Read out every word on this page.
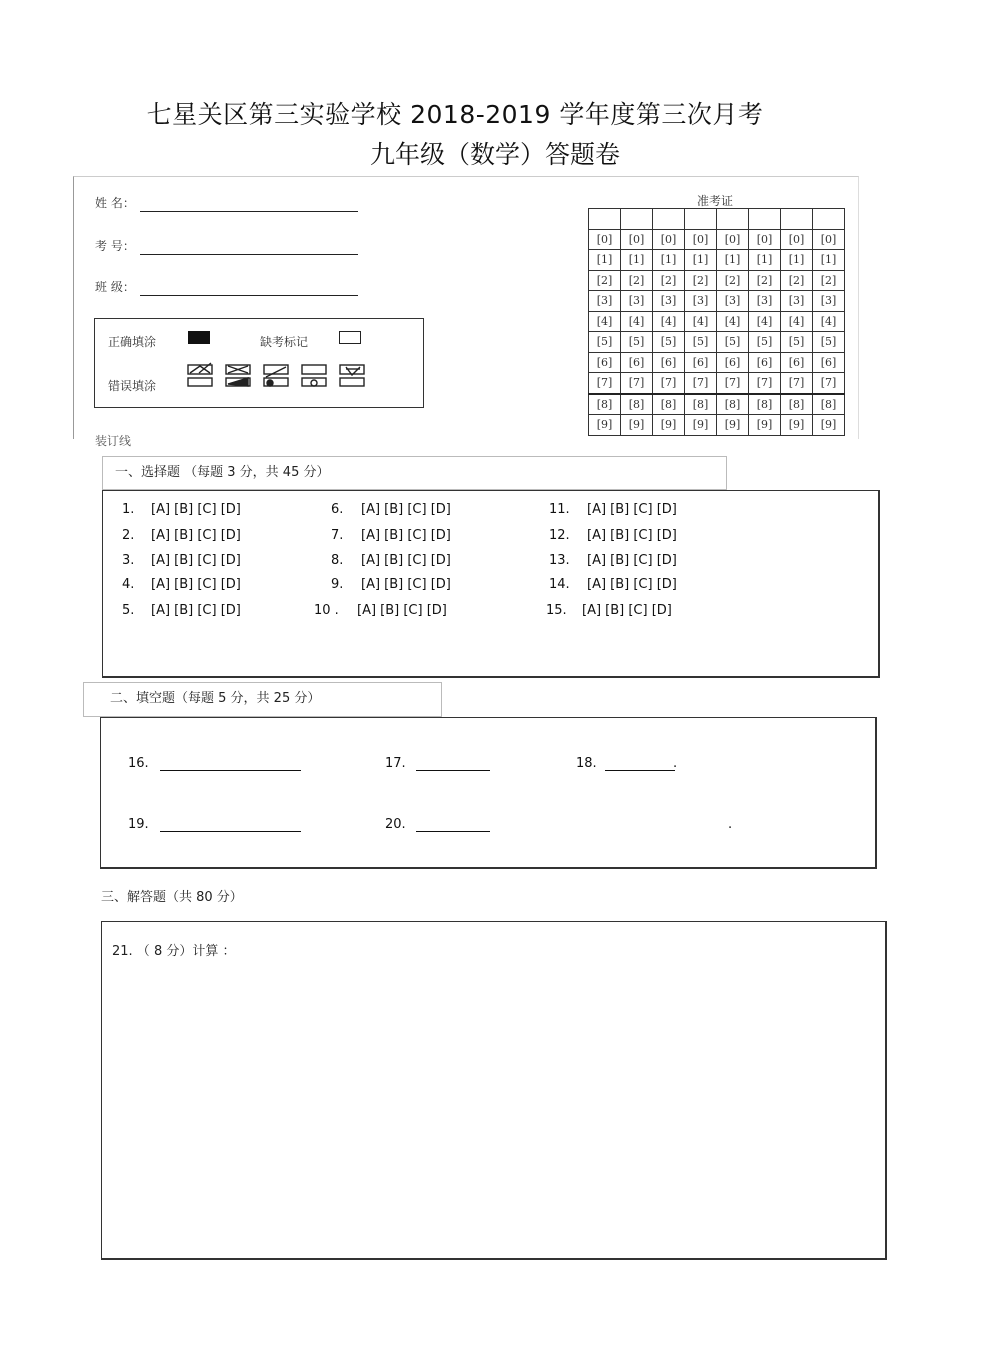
七星关区第三实验学校 2018-2019 学年度第三次月考
九年级（数学）答题卷
姓 名：
考 号：
班 级：
装订线
正确填涂	缺考标记
错误填涂
准考证

[0]	[0]	[0]	[0]	[0]	[0]	[0]	[0]
[1]	[1]	[1]	[1]	[1]	[1]	[1]	[1]
[2]	[2]	[2]	[2]	[2]	[2]	[2]	[2]
[3]	[3]	[3]	[3]	[3]	[3]	[3]	[3]
[4]	[4]	[4]	[4]	[4]	[4]	[4]	[4]
[5]	[5]	[5]	[5]	[5]	[5]	[5]	[5]
[6]	[6]	[6]	[6]	[6]	[6]	[6]	[6]
[7]	[7]	[7]	[7]	[7]	[7]	[7]	[7]
[8]	[8]	[8]	[8]	[8]	[8]	[8]	[8]
[9]	[9]	[9]	[9]	[9]	[9]	[9]	[9]
一、选择题 （每题 3 分，共 45 分）
1. [A] [B] [C] [D]
2. [A] [B] [C] [D]
3. [A] [B] [C] [D]
4. [A] [B] [C] [D]
5. [A] [B] [C] [D]
6. [A] [B] [C] [D]
7. [A] [B] [C] [D]
8. [A] [B] [C] [D]
9. [A] [B] [C] [D]
10 . [A] [B] [C] [D]
11. [A] [B] [C] [D]
12. [A] [B] [C] [D]
13. [A] [B] [C] [D]
14. [A] [B] [C] [D]
15. [A] [B] [C] [D]
二、填空题（每题 5 分，共 25 分）
16.	17.	18.	.
19.	20.	.
三、解答题（共 80 分）
21. （ 8 分）计算 ：
